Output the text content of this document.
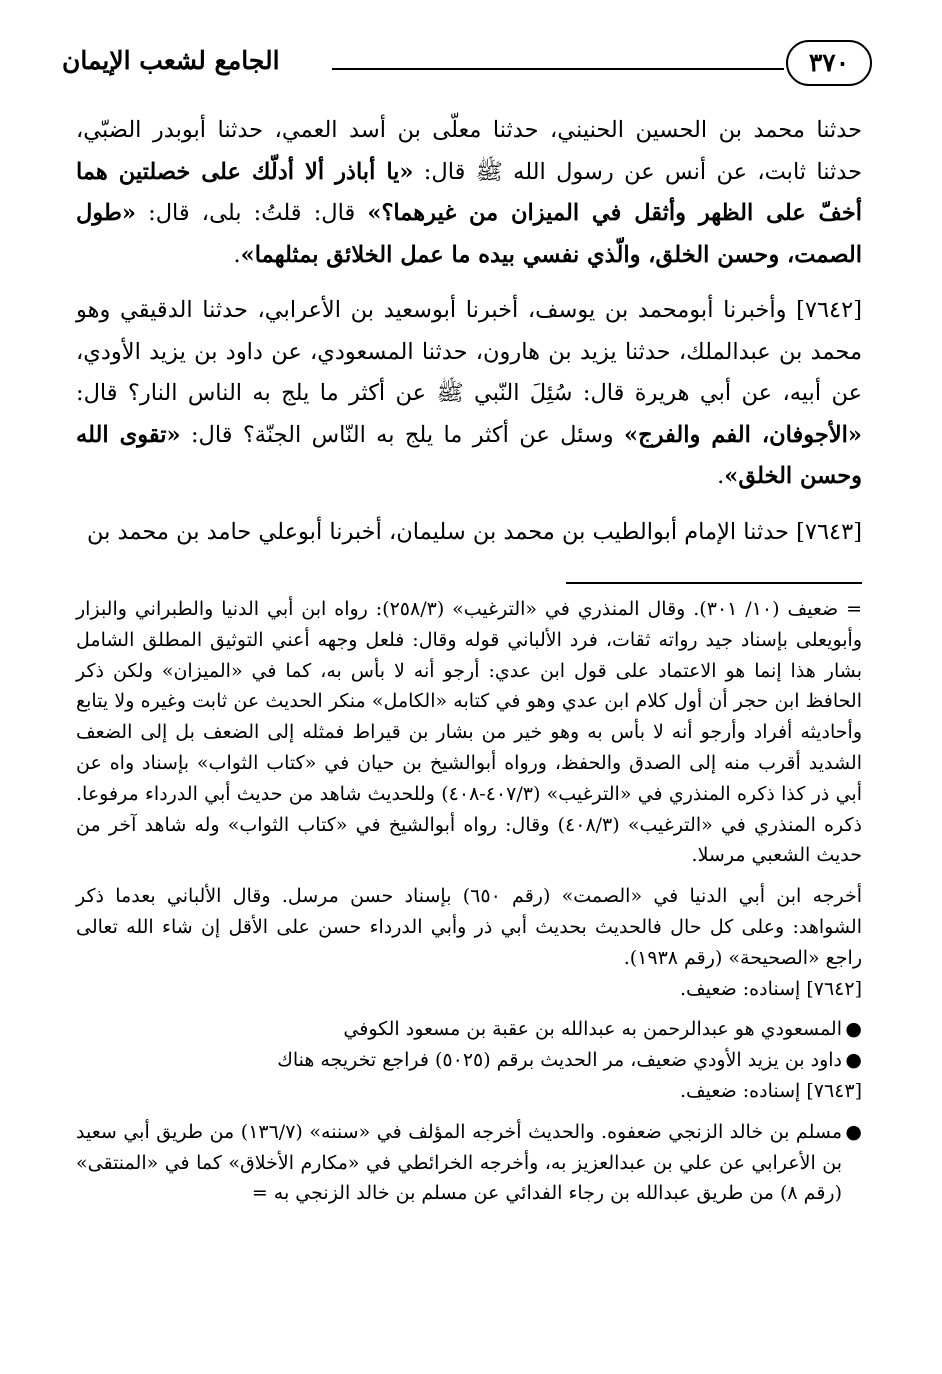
الجامع لشعب الإيمان	٣٧٠

حدثنا محمد بن الحسين الحنيني، حدثنا معلّى بن أسد العمي، حدثنا أبوبدر الضبّي، حدثنا ثابت، عن أنس عن رسول الله ﷺ قال: «يا أباذر ألا أدلّك على خصلتين هما أخفّ على الظهر وأثقل في الميزان من غيرهما؟» قال: قلتُ: بلى، قال: «طول الصمت، وحسن الخلق، والّذي نفسي بيده ما عمل الخلائق بمثلهما».

[٧٦٤٢] وأخبرنا أبومحمد بن يوسف، أخبرنا أبوسعيد بن الأعرابي، حدثنا الدقيقي وهو محمد بن عبدالملك، حدثنا يزيد بن هارون، حدثنا المسعودي، عن داود بن يزيد الأودي، عن أبيه، عن أبي هريرة قال: سُئِلَ النّبي ﷺ عن أكثر ما يلج به الناس النار؟ قال: «الأجوفان، الفم والفرج» وسئل عن أكثر ما يلج به النّاس الجنّة؟ قال: «تقوى الله وحسن الخلق».

[٧٦٤٣] حدثنا الإمام أبوالطيب بن محمد بن سليمان، أخبرنا أبوعلي حامد بن محمد بن

= ضعيف (١٠/ ٣٠١). وقال المنذري في «الترغيب» (٢٥٨/٣): رواه ابن أبي الدنيا والطبراني والبزار وأبويعلى بإسناد جيد رواته ثقات، فرد الألباني قوله وقال: فلعل وجهه أعني التوثيق المطلق الشامل بشار هذا إنما هو الاعتماد على قول ابن عدي: أرجو أنه لا بأس به، كما في «الميزان» ولكن ذكر الحافظ ابن حجر أن أول كلام ابن عدي وهو في كتابه «الكامل» منكر الحديث عن ثابت وغيره ولا يتابع وأحاديثه أفراد وأرجو أنه لا بأس به وهو خير من بشار بن قيراط فمثله إلى الضعف بل إلى الضعف الشديد أقرب منه إلى الصدق والحفظ، ورواه أبوالشيخ بن حيان في «كتاب الثواب» بإسناد واه عن أبي ذر كذا ذكره المنذري في «الترغيب» (٤٠٧/٣-٤٠٨) وللحديث شاهد من حديث أبي الدرداء مرفوعا. ذكره المنذري في «الترغيب» (٤٠٨/٣) وقال: رواه أبوالشيخ في «كتاب الثواب» وله شاهد آخر من حديث الشعبي مرسلا.

أخرجه ابن أبي الدنيا في «الصمت» (رقم ٦٥٠) بإسناد حسن مرسل. وقال الألباني بعدما ذكر الشواهد: وعلى كل حال فالحديث بحديث أبي ذر وأبي الدرداء حسن على الأقل إن شاء الله تعالى راجع «الصحيحة» (رقم ١٩٣٨).

[٧٦٤٢] إسناده: ضعيف.

●
المسعودي هو عبدالرحمن به عبدالله بن عقبة بن مسعود الكوفي

●
داود بن يزيد الأودي ضعيف، مر الحديث برقم (٥٠٢٥) فراجع تخريجه هناك

[٧٦٤٣] إسناده: ضعيف.

●
مسلم بن خالد الزنجي ضعفوه. والحديث أخرجه المؤلف في «سننه» (١٣٦/٧) من طريق أبي سعيد بن الأعرابي عن علي بن عبدالعزيز به، وأخرجه الخرائطي في «مكارم الأخلاق» كما في «المنتقى» (رقم ٨) من طريق عبدالله بن رجاء الفدائي عن مسلم بن خالد الزنجي به =
